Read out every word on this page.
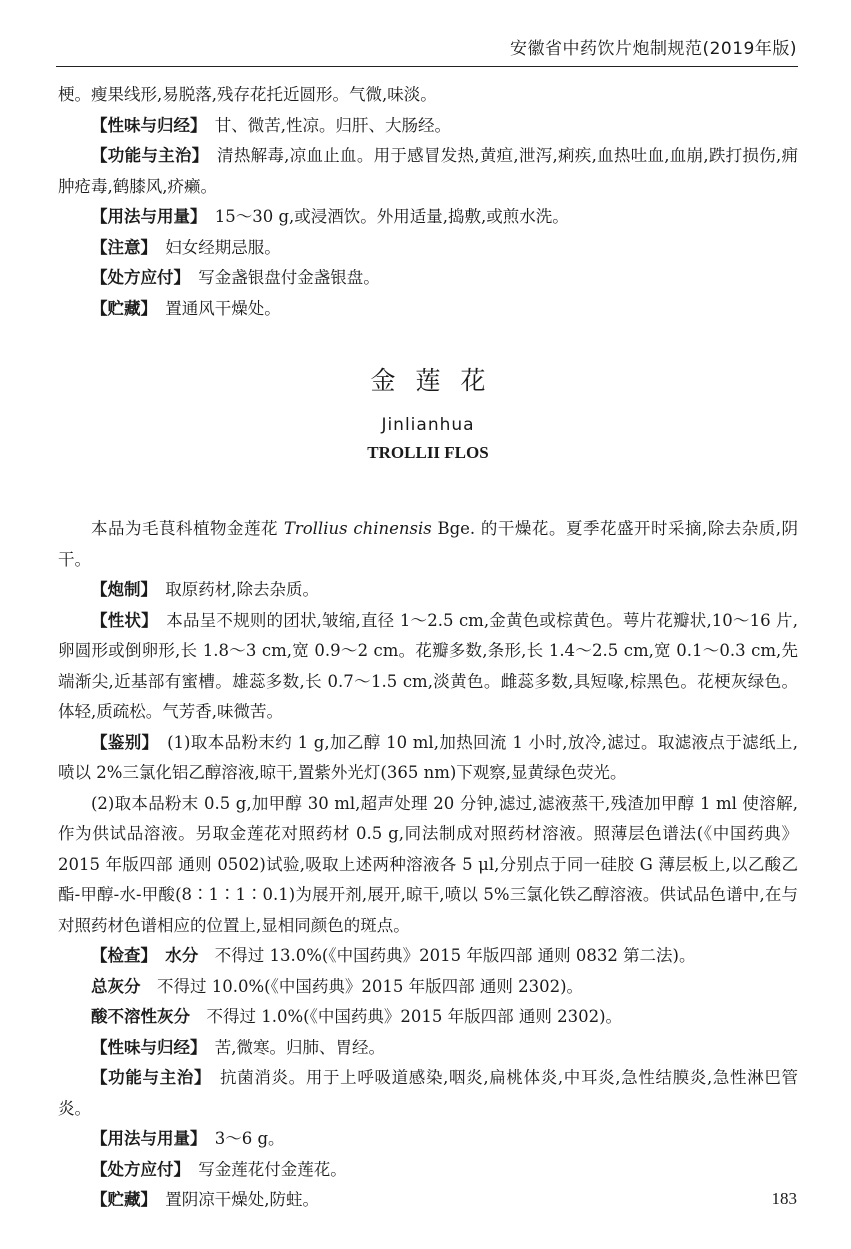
安徽省中药饮片炮制规范(2019年版)

梗。瘦果线形,易脱落,残存花托近圆形。气微,味淡。

【性味与归经】　 甘、微苦,性凉。归肝、大肠经。

【功能与主治】　 清热解毒,凉血止血。用于感冒发热,黄疸,泄泻,痢疾,血热吐血,血崩,跌打损伤,痈肿疮毒,鹤膝风,疥癞。

【用法与用量】　 15～30 g,或浸酒饮。外用适量,捣敷,或煎水洗。

【注意】　 妇女经期忌服。

【处方应付】　 写金盏银盘付金盏银盘。

【贮藏】　 置通风干燥处。

金莲花

Jinlianhua
TROLLII FLOS

本品为毛茛科植物金莲花 Trollius chinensis Bge. 的干燥花。夏季花盛开时采摘,除去杂质,阴干。

【炮制】　 取原药材,除去杂质。

【性状】　 本品呈不规则的团状,皱缩,直径 1～2.5 cm,金黄色或棕黄色。萼片花瓣状,10～16 片,卵圆形或倒卵形,长 1.8～3 cm,宽 0.9～2 cm。花瓣多数,条形,长 1.4～2.5 cm,宽 0.1～0.3 cm,先端渐尖,近基部有蜜槽。雄蕊多数,长 0.7～1.5 cm,淡黄色。雌蕊多数,具短喙,棕黑色。花梗灰绿色。体轻,质疏松。气芳香,味微苦。

【鉴别】　 (1)取本品粉末约 1 g,加乙醇 10 ml,加热回流 1 小时,放冷,滤过。取滤液点于滤纸上,喷以 2%三氯化铝乙醇溶液,晾干,置紫外光灯(365 nm)下观察,显黄绿色荧光。

(2)取本品粉末 0.5 g,加甲醇 30 ml,超声处理 20 分钟,滤过,滤液蒸干,残渣加甲醇 1 ml 使溶解,作为供试品溶液。另取金莲花对照药材 0.5 g,同法制成对照药材溶液。照薄层色谱法(《中国药典》2015 年版四部 通则 0502)试验,吸取上述两种溶液各 5 μl,分别点于同一硅胶 G 薄层板上,以乙酸乙酯-甲醇-水-甲酸(8∶1∶1∶0.1)为展开剂,展开,晾干,喷以 5%三氯化铁乙醇溶液。供试品色谱中,在与对照药材色谱相应的位置上,显相同颜色的斑点。

【检查】　 水分　 不得过 13.0%(《中国药典》2015 年版四部 通则 0832 第二法)。

总灰分　 不得过 10.0%(《中国药典》2015 年版四部 通则 2302)。

酸不溶性灰分　 不得过 1.0%(《中国药典》2015 年版四部 通则 2302)。

【性味与归经】　 苦,微寒。归肺、胃经。

【功能与主治】　 抗菌消炎。用于上呼吸道感染,咽炎,扁桃体炎,中耳炎,急性结膜炎,急性淋巴管炎。

【用法与用量】　 3～6 g。

【处方应付】　 写金莲花付金莲花。

【贮藏】　 置阴凉干燥处,防蛀。	183
